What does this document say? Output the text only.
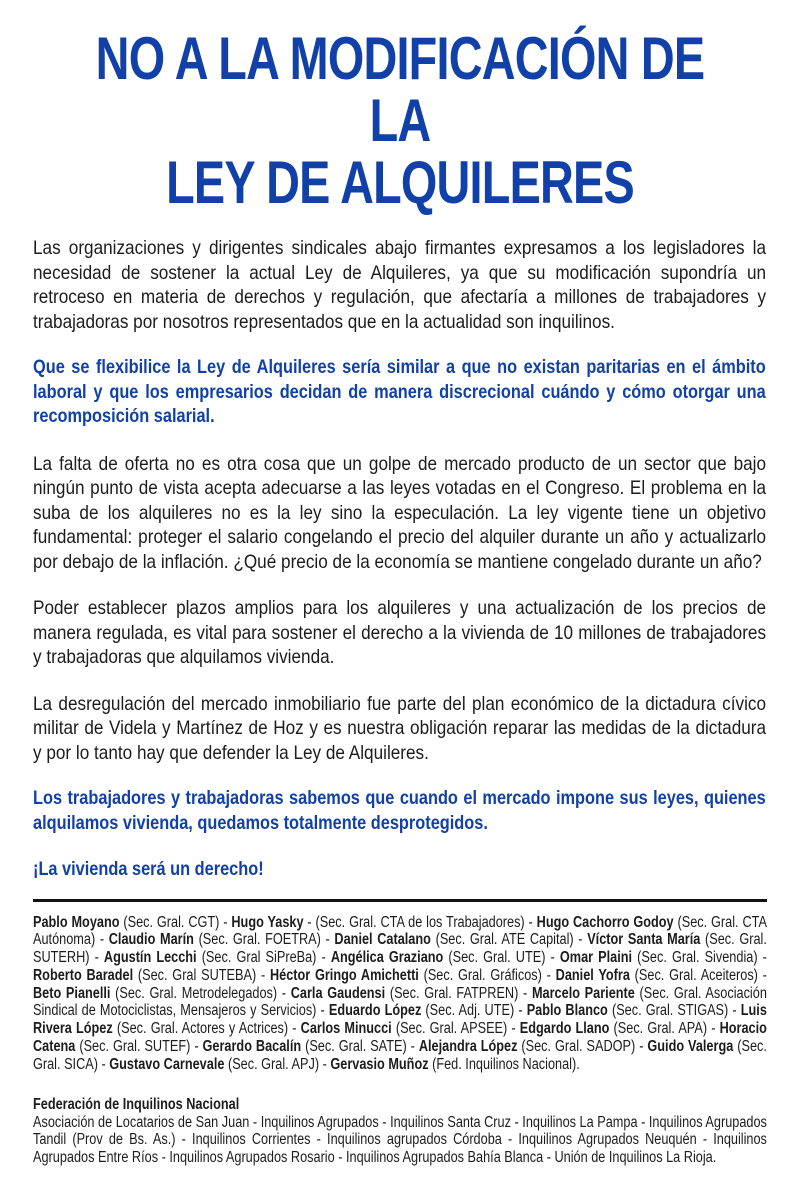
NO A LA MODIFICACIÓN DE LA
LEY DE ALQUILERES

Las organizaciones y dirigentes sindicales abajo firmantes expresamos a los legisladores la necesidad de sostener la actual Ley de Alquileres, ya que su modificación supondría un retroceso en materia de derechos y regulación, que afectaría a millones de trabajadores y trabajadoras por nosotros representados que en la actualidad son inquilinos.

Que se flexibilice la Ley de Alquileres sería similar a que no existan paritarias en el ámbito laboral y que los empresarios decidan de manera discrecional cuándo y cómo otorgar una recomposición salarial.

La falta de oferta no es otra cosa que un golpe de mercado producto de un sector que bajo ningún punto de vista acepta adecuarse a las leyes votadas en el Congreso. El problema en la suba de los alquileres no es la ley sino la especulación. La ley vigente tiene un objetivo fundamental: proteger el salario congelando el precio del alquiler durante un año y actualizarlo por debajo de la inflación. ¿Qué precio de la economía se mantiene congelado durante un año?

Poder establecer plazos amplios para los alquileres y una actualización de los precios de manera regulada, es vital para sostener el derecho a la vivienda de 10 millones de trabajadores y trabajadoras que alquilamos vivienda.

La desregulación del mercado inmobiliario fue parte del plan económico de la dictadura cívico militar de Videla y Martínez de Hoz y es nuestra obligación reparar las medidas de la dictadura y por lo tanto hay que defender la Ley de Alquileres.

Los trabajadores y trabajadoras sabemos que cuando el mercado impone sus leyes, quienes alquilamos vivienda, quedamos totalmente desprotegidos.

¡La vivienda será un derecho!

Pablo Moyano (Sec. Gral. CGT) - Hugo Yasky - (Sec. Gral. CTA de los Trabajadores) - Hugo Cachorro Godoy (Sec. Gral. CTA Autónoma) - Claudio Marín (Sec. Gral. FOETRA) - Daniel Catalano (Sec. Gral. ATE Capital) - Víctor Santa María (Sec. Gral. SUTERH) - Agustín Lecchi (Sec. Gral SiPreBa) - Angélica Graziano (Sec. Gral. UTE) - Omar Plaini (Sec. Gral. Sivendia) - Roberto Baradel (Sec. Gral SUTEBA) - Héctor Gringo Amichetti (Sec. Gral. Gráficos) - Daniel Yofra (Sec. Gral. Aceiteros) - Beto Pianelli (Sec. Gral. Metrodelegados) - Carla Gaudensi (Sec. Gral. FATPREN) - Marcelo Pariente (Sec. Gral. Asociación Sindical de Motociclistas, Mensajeros y Servicios) - Eduardo López (Sec. Adj. UTE) - Pablo Blanco (Sec. Gral. STIGAS) - Luis Rivera López (Sec. Gral. Actores y Actrices) - Carlos Minucci (Sec. Gral. APSEE) - Edgardo Llano (Sec. Gral. APA) - Horacio Catena (Sec. Gral. SUTEF) - Gerardo Bacalín (Sec. Gral. SATE) - Alejandra López (Sec. Gral. SADOP) - Guido Valerga (Sec. Gral. SICA) - Gustavo Carnevale (Sec. Gral. APJ) - Gervasio Muñoz (Fed. Inquilinos Nacional).

Federación de Inquilinos Nacional

Asociación de Locatarios de San Juan - Inquilinos Agrupados - Inquilinos Santa Cruz - Inquilinos La Pampa - Inquilinos Agrupados Tandil (Prov de Bs. As.) - Inquilinos Corrientes - Inquilinos agrupados Córdoba - Inquilinos Agrupados Neuquén - Inquilinos Agrupados Entre Ríos - Inquilinos Agrupados Rosario - Inquilinos Agrupados Bahía Blanca - Unión de Inquilinos La Rioja.
